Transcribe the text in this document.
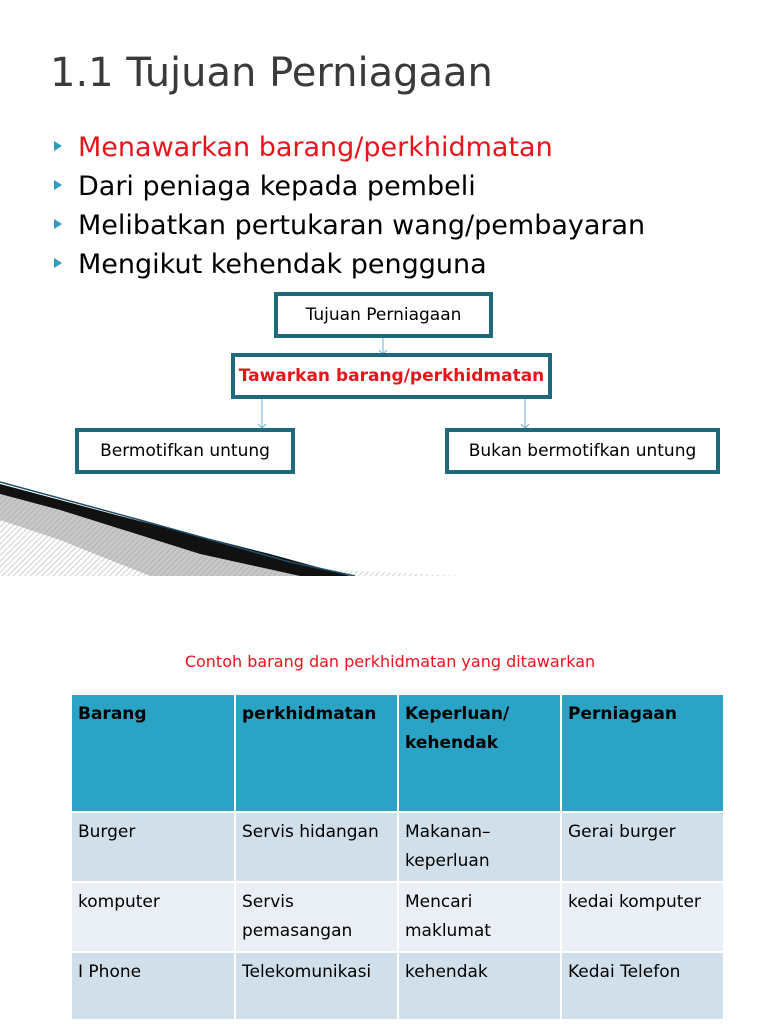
1.1 Tujuan Perniagaan
Menawarkan barang/perkhidmatan
Dari peniaga kepada pembeli
Melibatkan pertukaran wang/pembayaran
Mengikut kehendak pengguna
Tujuan Perniagaan
Tawarkan barang/perkhidmatan
Bermotifkan untung	Bukan bermotifkan untung
Contoh barang dan perkhidmatan yang ditawarkan
Barang	perkhidmatan	Keperluan/ kehendak	Perniagaan
Burger	Servis hidangan	Makanan– keperluan	Gerai burger
komputer	Servis pemasangan	Mencari maklumat	kedai komputer
I Phone	Telekomunikasi	kehendak	Kedai Telefon
